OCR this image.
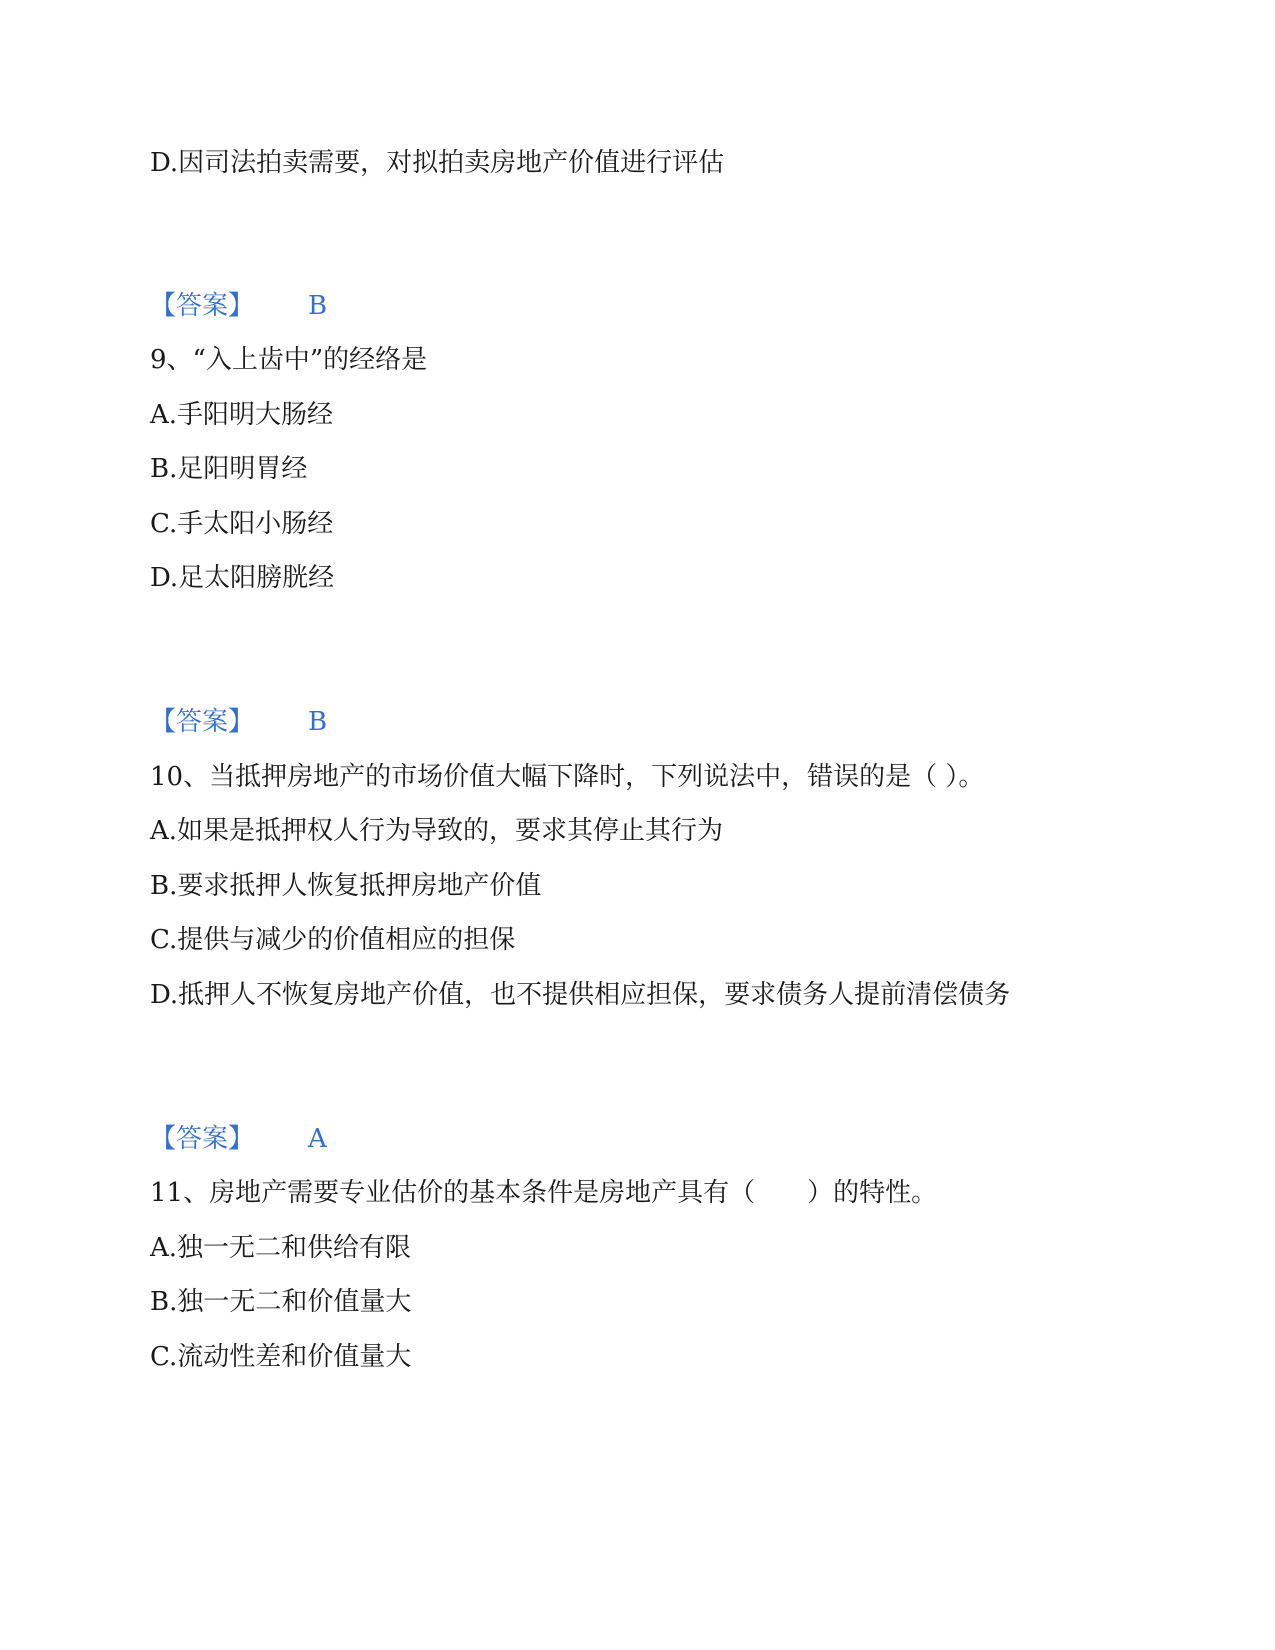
D.因司法拍卖需要，对拟拍卖房地产价值进行评估
【答案】 B
9、“入上齿中”的经络是
A.手阳明大肠经
B.足阳明胃经
C.手太阳小肠经
D.足太阳膀胱经
【答案】 B
10、当抵押房地产的市场价值大幅下降时，下列说法中，错误的是（ ）。
A.如果是抵押权人行为导致的，要求其停止其行为
B.要求抵押人恢复抵押房地产价值
C.提供与减少的价值相应的担保
D.抵押人不恢复房地产价值，也不提供相应担保，要求债务人提前清偿债务
【答案】 A
11、房地产需要专业估价的基本条件是房地产具有（　　）的特性。
A.独一无二和供给有限
B.独一无二和价值量大
C.流动性差和价值量大
